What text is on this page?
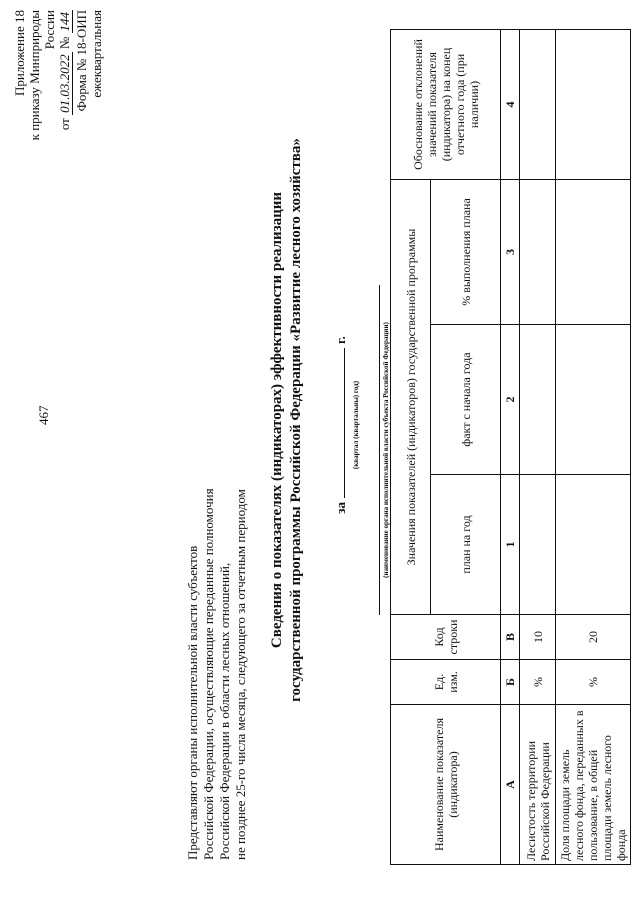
467
Приложение 18 к приказу Минприроды России
от 01.03.2022 № 144 Форма № 18-ОИП ежеквартальная
Представляют органы исполнительной власти субъектов Российской Федерации, осуществляющие переданные полномочия Российской Федерации в области лесных отношений, не позднее 25-го числа месяца, следующего за отчетным периодом
Сведения о показателях (индикаторах) эффективности реализации государственной программы Российской Федерации «Развитие лесного хозяйства» заг.
(квартал (квартальны) год)	(наименование органа исполнительной власти субъекта Российской Федерации)
Наименование показателя (индикатора)	Ед. изм.	Код строки	Значения показателей (индикаторов) государственной программы			Обоснование отклонений значений показателя (индикатора) на конец отчетного года (при наличии)
			план на год	факт с начала года	% выполнения плана	
А	Б	В	1	2	3	4
Лесистость территории Российской Федерации	%	10				
Доля площади земель лесного фонда, переданных в пользование, в общей площади земель лесного фонда	%	20				
